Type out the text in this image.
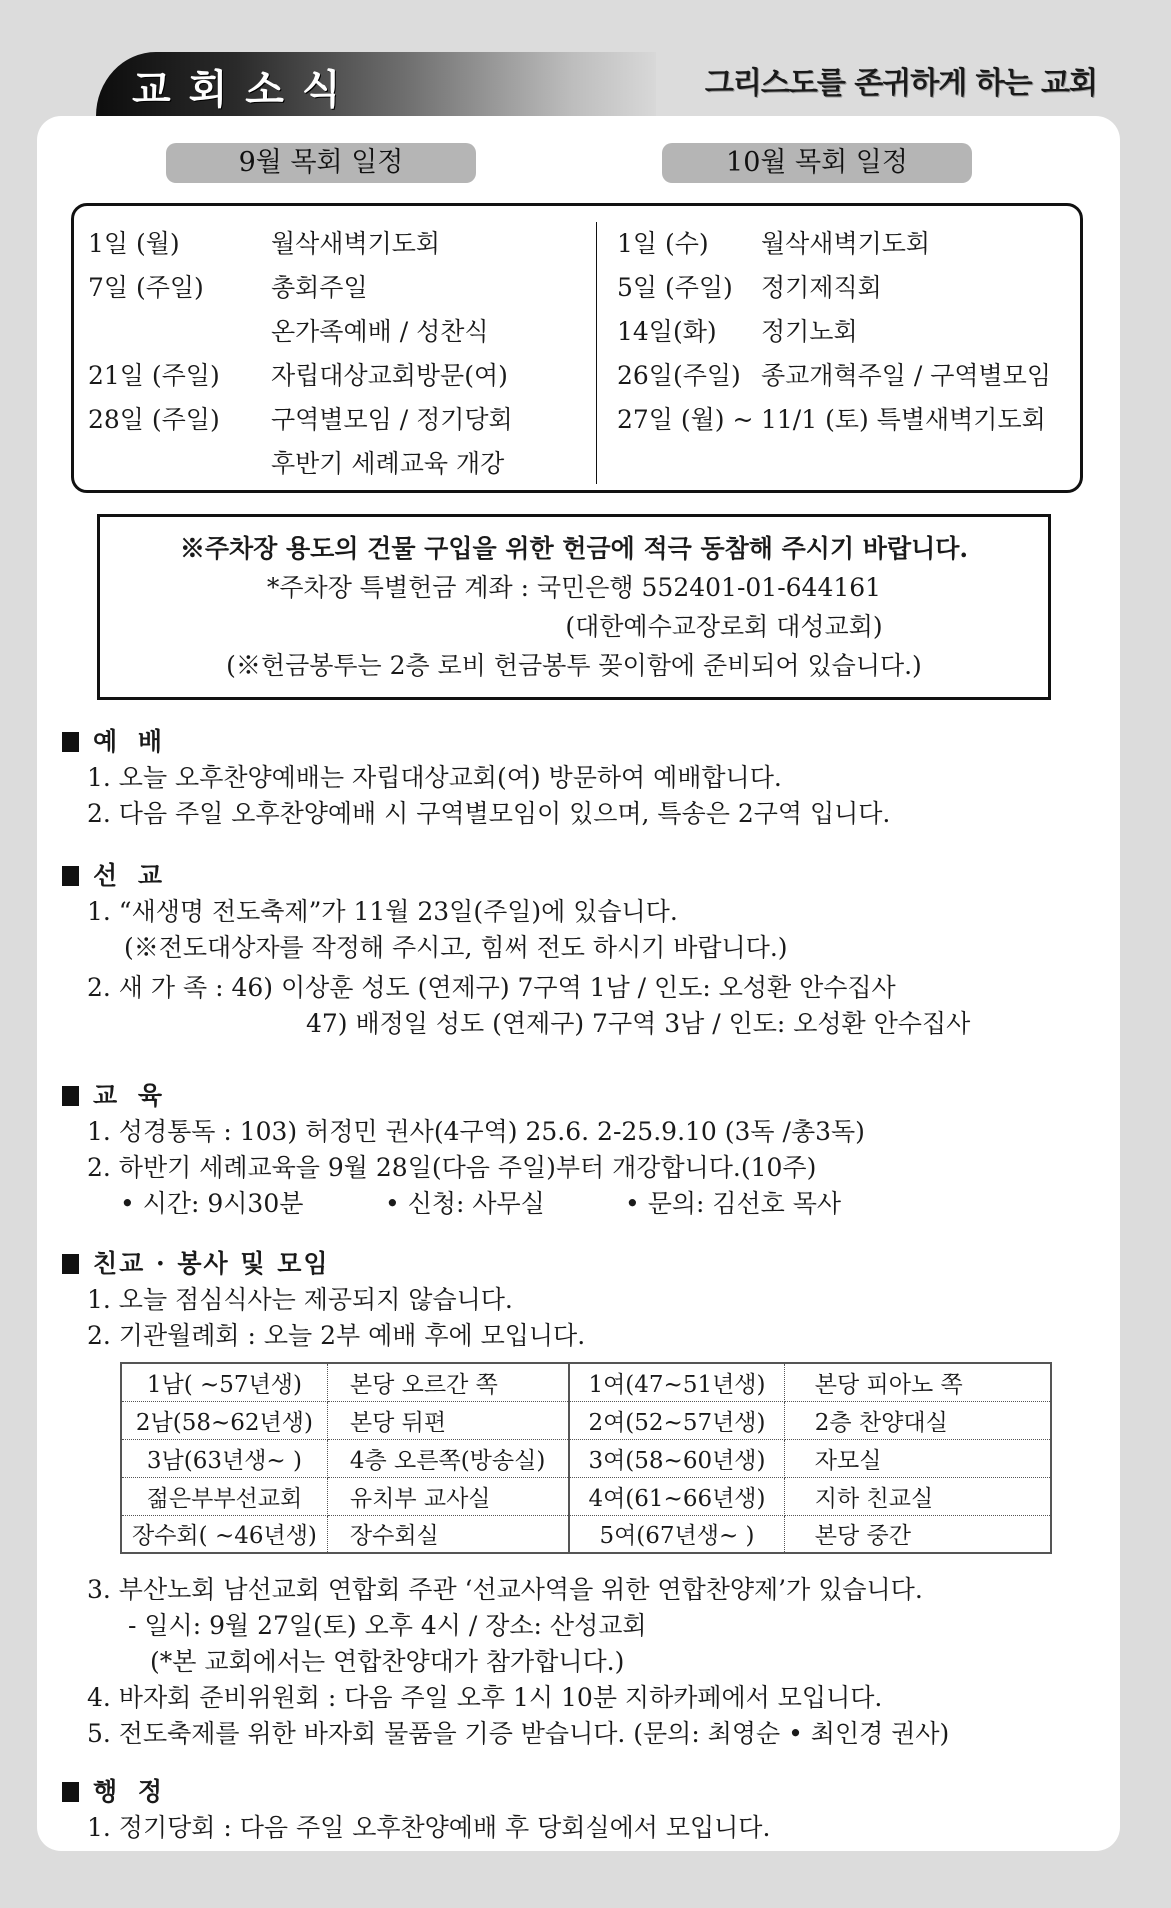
교회소식	그리스도를 존귀하게 하는 교회
9월 목회 일정	10월 목회 일정
1일 (월)	월삭새벽기도회
7일 (주일)	총회주일
온가족예배 / 성찬식
21일 (주일) 자립대상교회방문(여)
28일 (주일) 구역별모임 / 정기당회
후반기 세례교육 개강
1일 (수) 월삭새벽기도회
5일 (주일) 정기제직회
14일(화) 정기노회
26일(주일) 종교개혁주일 / 구역별모임
27일 (월) ~ 11/1 (토) 특별새벽기도회
※주차장 용도의 건물 구입을 위한 헌금에 적극 동참해 주시기 바랍니다.
*주차장 특별헌금 계좌 : 국민은행 552401-01-644161
(대한예수교장로회 대성교회)
(※헌금봉투는 2층 로비 헌금봉투 꽂이함에 준비되어 있습니다.)
예 배
1. 오늘 오후찬양예배는 자립대상교회(여) 방문하여 예배합니다.
2. 다음 주일 오후찬양예배 시 구역별모임이 있으며, 특송은 2구역 입니다.
선 교
1. “새생명 전도축제”가 11월 23일(주일)에 있습니다.
(※전도대상자를 작정해 주시고, 힘써 전도 하시기 바랍니다.)
2. 새 가 족 : 46) 이상훈 성도 (연제구) 7구역 1남 / 인도: 오성환 안수집사
47) 배정일 성도 (연제구) 7구역 3남 / 인도: 오성환 안수집사
교 육
1. 성경통독 : 103) 허정민 권사(4구역) 25.6. 2-25.9.10 (3독 /총3독)
2. 하반기 세례교육을 9월 28일(다음 주일)부터 개강합니다.(10주)
• 시간: 9시30분	• 신청: 사무실	• 문의: 김선호 목사
친교 · 봉사 및 모임
1. 오늘 점심식사는 제공되지 않습니다.
2. 기관월례회 : 오늘 2부 예배 후에 모입니다.
1남( ~57년생)	본당 오르간 쪽	1여(47~51년생)	본당 피아노 쪽
2남(58~62년생)	본당 뒤편	2여(52~57년생)	2층 찬양대실
3남(63년생~ )	4층 오른쪽(방송실)	3여(58~60년생)	자모실
젊은부부선교회	유치부 교사실	4여(61~66년생)	지하 친교실
장수회( ~46년생)	장수회실	5여(67년생~ )	본당 중간
3. 부산노회 남선교회 연합회 주관 ‘선교사역을 위한 연합찬양제’가 있습니다.
- 일시: 9월 27일(토) 오후 4시 / 장소: 산성교회
(*본 교회에서는 연합찬양대가 참가합니다.)
4. 바자회 준비위원회 : 다음 주일 오후 1시 10분 지하카페에서 모입니다.
5. 전도축제를 위한 바자회 물품을 기증 받습니다. (문의: 최영순 • 최인경 권사)
행 정
1. 정기당회 : 다음 주일 오후찬양예배 후 당회실에서 모입니다.
